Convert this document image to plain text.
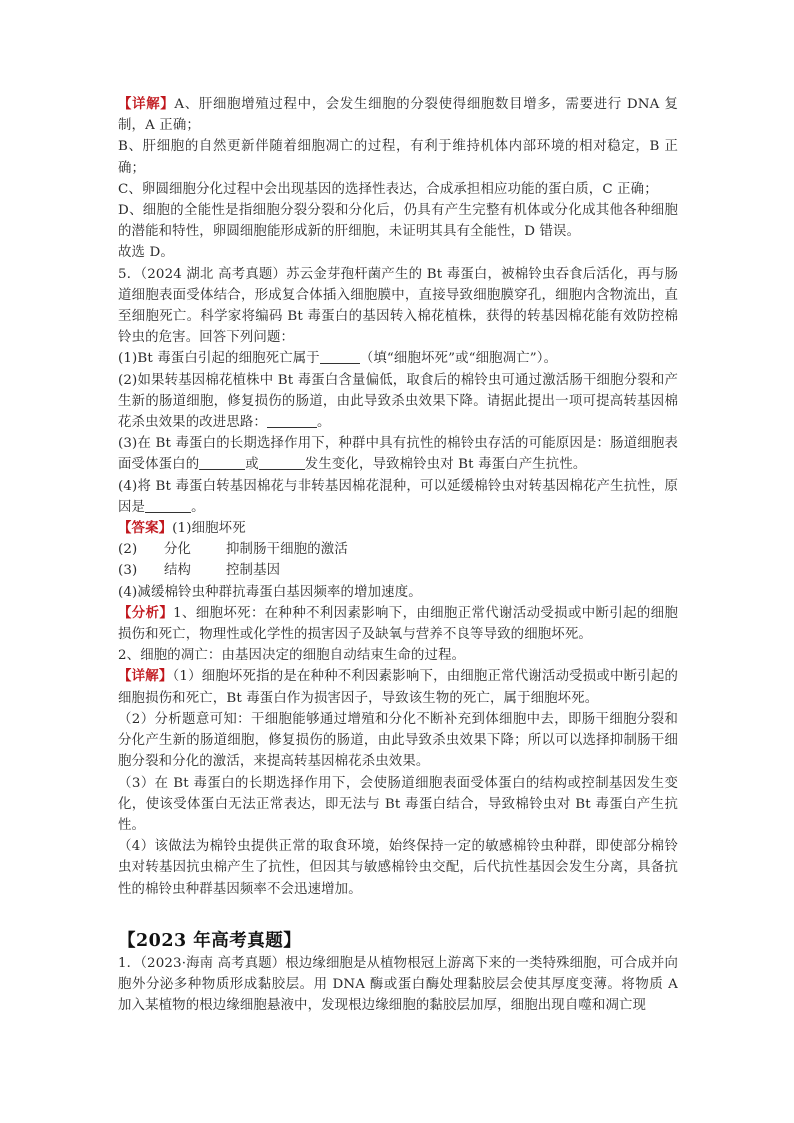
【详解】A、肝细胞增殖过程中，会发生细胞的分裂使得细胞数目增多，需要进行 DNA 复制，A 正确；

B、肝细胞的自然更新伴随着细胞凋亡的过程，有利于维持机体内部环境的相对稳定，B 正确；

C、卵圆细胞分化过程中会出现基因的选择性表达，合成承担相应功能的蛋白质，C 正确；

D、细胞的全能性是指细胞分裂分裂和分化后，仍具有产生完整有机体或分化成其他各种细胞的潜能和特性，卵圆细胞能形成新的肝细胞，未证明其具有全能性，D 错误。

故选 D。

5．（2024 湖北 高考真题）苏云金芽孢杆菌产生的 Bt 毒蛋白，被棉铃虫吞食后活化，再与肠道细胞表面受体结合，形成复合体插入细胞膜中，直接导致细胞膜穿孔，细胞内含物流出，直至细胞死亡。科学家将编码 Bt 毒蛋白的基因转入棉花植株，获得的转基因棉花能有效防控棉铃虫的危害。回答下列问题：

(1)Bt 毒蛋白引起的细胞死亡属于	（填“细胞坏死”或“细胞凋亡”）。

(2)如果转基因棉花植株中 Bt 毒蛋白含量偏低，取食后的棉铃虫可通过激活肠干细胞分裂和产生新的肠道细胞，修复损伤的肠道，由此导致杀虫效果下降。请据此提出一项可提高转基因棉花杀虫效果的改进思路：	。

(3)在 Bt 毒蛋白的长期选择作用下，种群中具有抗性的棉铃虫存活的可能原因是：肠道细胞表面受体蛋白的	或	发生变化，导致棉铃虫对 Bt 毒蛋白产生抗性。

(4)将 Bt 毒蛋白转基因棉花与非转基因棉花混种，可以延缓棉铃虫对转基因棉花产生抗性，原因是	。

【答案】(1)细胞坏死

(2)	分化	抑制肠干细胞的激活
(3)	结构	控制基因

(4)减缓棉铃虫种群抗毒蛋白基因频率的增加速度。

【分析】1、细胞坏死：在种种不利因素影响下，由细胞正常代谢活动受损或中断引起的细胞损伤和死亡，物理性或化学性的损害因子及缺氧与营养不良等导致的细胞坏死。

2、细胞的凋亡：由基因决定的细胞自动结束生命的过程。

【详解】（1）细胞坏死指的是在种种不利因素影响下，由细胞正常代谢活动受损或中断引起的细胞损伤和死亡，Bt 毒蛋白作为损害因子，导致该生物的死亡，属于细胞坏死。

（2）分析题意可知：干细胞能够通过增殖和分化不断补充到体细胞中去，即肠干细胞分裂和分化产生新的肠道细胞，修复损伤的肠道，由此导致杀虫效果下降；所以可以选择抑制肠干细胞分裂和分化的激活，来提高转基因棉花杀虫效果。

（3）在 Bt 毒蛋白的长期选择作用下，会使肠道细胞表面受体蛋白的结构或控制基因发生变化，使该受体蛋白无法正常表达，即无法与 Bt 毒蛋白结合，导致棉铃虫对 Bt 毒蛋白产生抗性。

（4）该做法为棉铃虫提供正常的取食环境，始终保持一定的敏感棉铃虫种群，即使部分棉铃虫对转基因抗虫棉产生了抗性，但因其与敏感棉铃虫交配，后代抗性基因会发生分离，具备抗性的棉铃虫种群基因频率不会迅速增加。

【2023 年高考真题】

1．（2023·海南 高考真题）根边缘细胞是从植物根冠上游离下来的一类特殊细胞，可合成并向胞外分泌多种物质形成黏胶层。用 DNA 酶或蛋白酶处理黏胶层会使其厚度变薄。将物质 A 加入某植物的根边缘细胞悬液中，发现根边缘细胞的黏胶层加厚，细胞出现自噬和凋亡现
